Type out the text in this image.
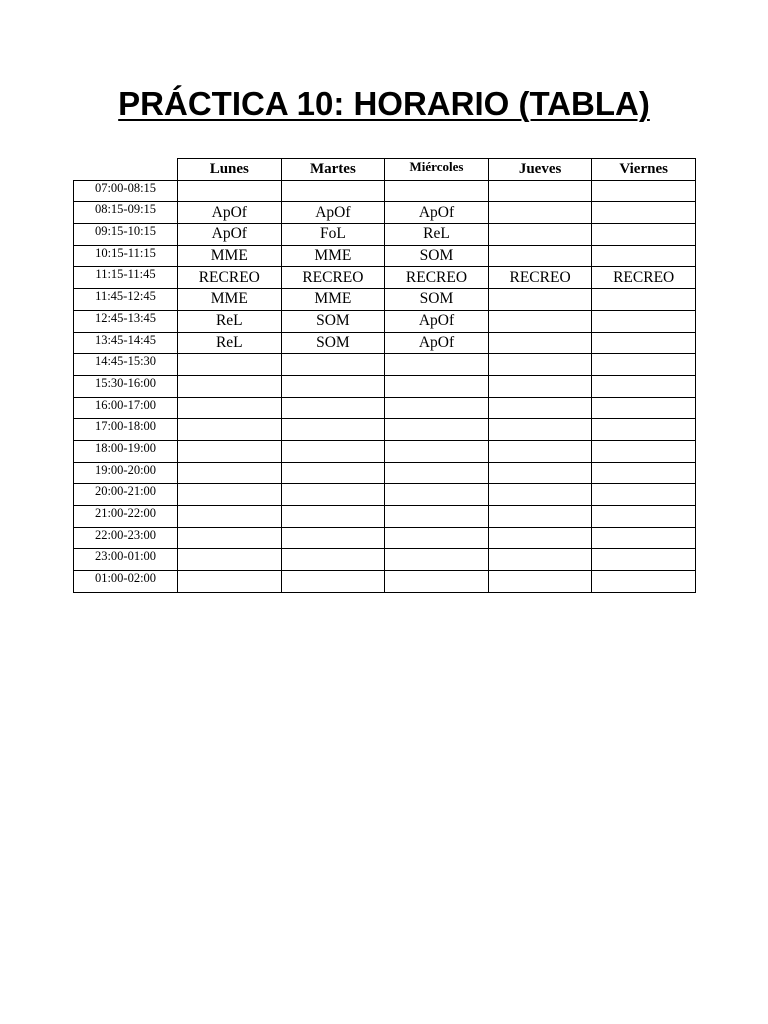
PRÁCTICA 10: HORARIO (TABLA)
	Lunes	Martes	Miércoles	Jueves	Viernes
07:00-08:15					
08:15-09:15	ApOf	ApOf	ApOf		
09:15-10:15	ApOf	FoL	ReL		
10:15-11:15	MME	MME	SOM		
11:15-11:45	RECREO	RECREO	RECREO	RECREO	RECREO
11:45-12:45	MME	MME	SOM		
12:45-13:45	ReL	SOM	ApOf		
13:45-14:45	ReL	SOM	ApOf		
14:45-15:30					
15:30-16:00					
16:00-17:00					
17:00-18:00					
18:00-19:00					
19:00-20:00					
20:00-21:00					
21:00-22:00					
22:00-23:00					
23:00-01:00					
01:00-02:00					
